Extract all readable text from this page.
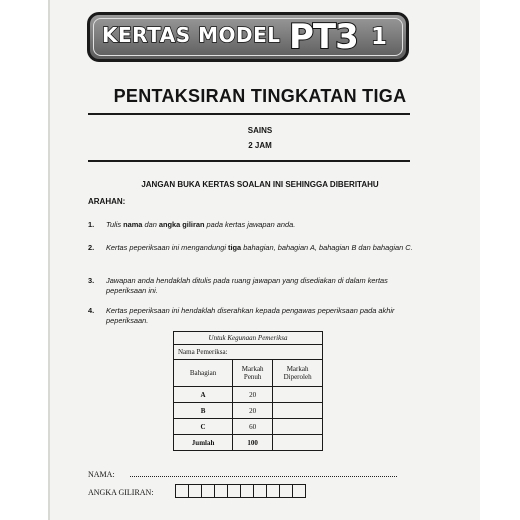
KERTAS MODEL PT3 1
PENTAKSIRAN TINGKATAN TIGA
SAINS
2 JAM
JANGAN BUKA KERTAS SOALAN INI SEHINGGA DIBERITAHU
ARAHAN:
1. Tulis nama dan angka giliran pada kertas jawapan anda.
2. Kertas peperiksaan ini mengandungi tiga bahagian, bahagian A, bahagian B dan bahagian C.
3. Jawapan anda hendaklah ditulis pada ruang jawapan yang disediakan di dalam kertas peperiksaan ini.
4. Kertas peperiksaan ini hendaklah diserahkan kepada pengawas peperiksaan pada akhir peperiksaan.
Untuk Kegunaan Pemeriksa		
Nama Pemeriksa:		
Bahagian	Markah Penuh	Markah Diperoleh
A	20	
B	20	
C	60	
Jumlah	100	
NAMA:
ANGKA GILIRAN:
